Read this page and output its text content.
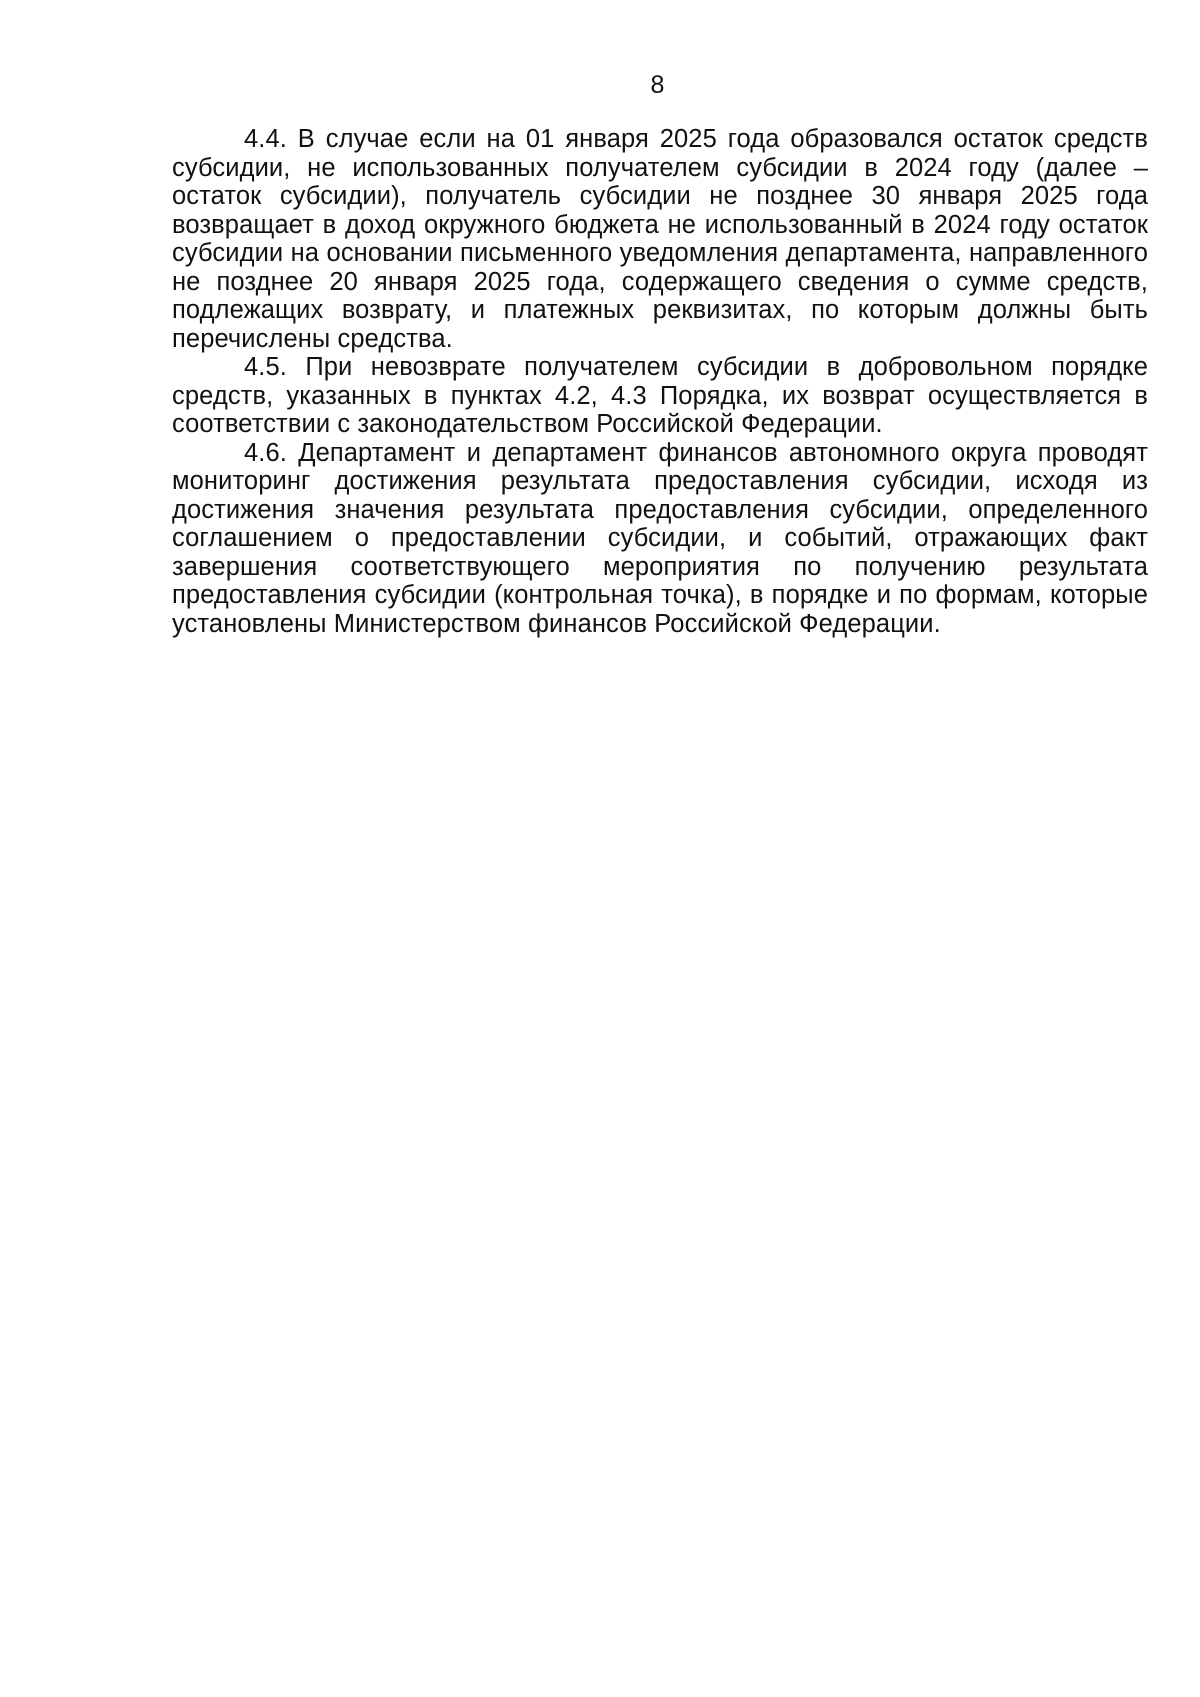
8

4.4. В случае если на 01 января 2025 года образовался остаток средств субсидии, не использованных получателем субсидии в 2024 году (далее – остаток субсидии), получатель субсидии не позднее 30 января 2025 года возвращает в доход окружного бюджета не использованный в 2024 году остаток субсидии на основании письменного уведомления департамента, направленного не позднее 20 января 2025 года, содержащего сведения о сумме средств, подлежащих возврату, и платежных реквизитах, по которым должны быть перечислены средства.

4.5. При невозврате получателем субсидии в добровольном порядке средств, указанных в пунктах 4.2, 4.3 Порядка, их возврат осуществляется в соответствии с законодательством Российской Федерации.

4.6. Департамент и департамент финансов автономного округа проводят мониторинг достижения результата предоставления субсидии, исходя из достижения значения результата предоставления субсидии, определенного соглашением о предоставлении субсидии, и событий, отражающих факт завершения соответствующего мероприятия по получению результата предоставления субсидии (контрольная точка), в порядке и по формам, которые установлены Министерством финансов Российской Федерации.
